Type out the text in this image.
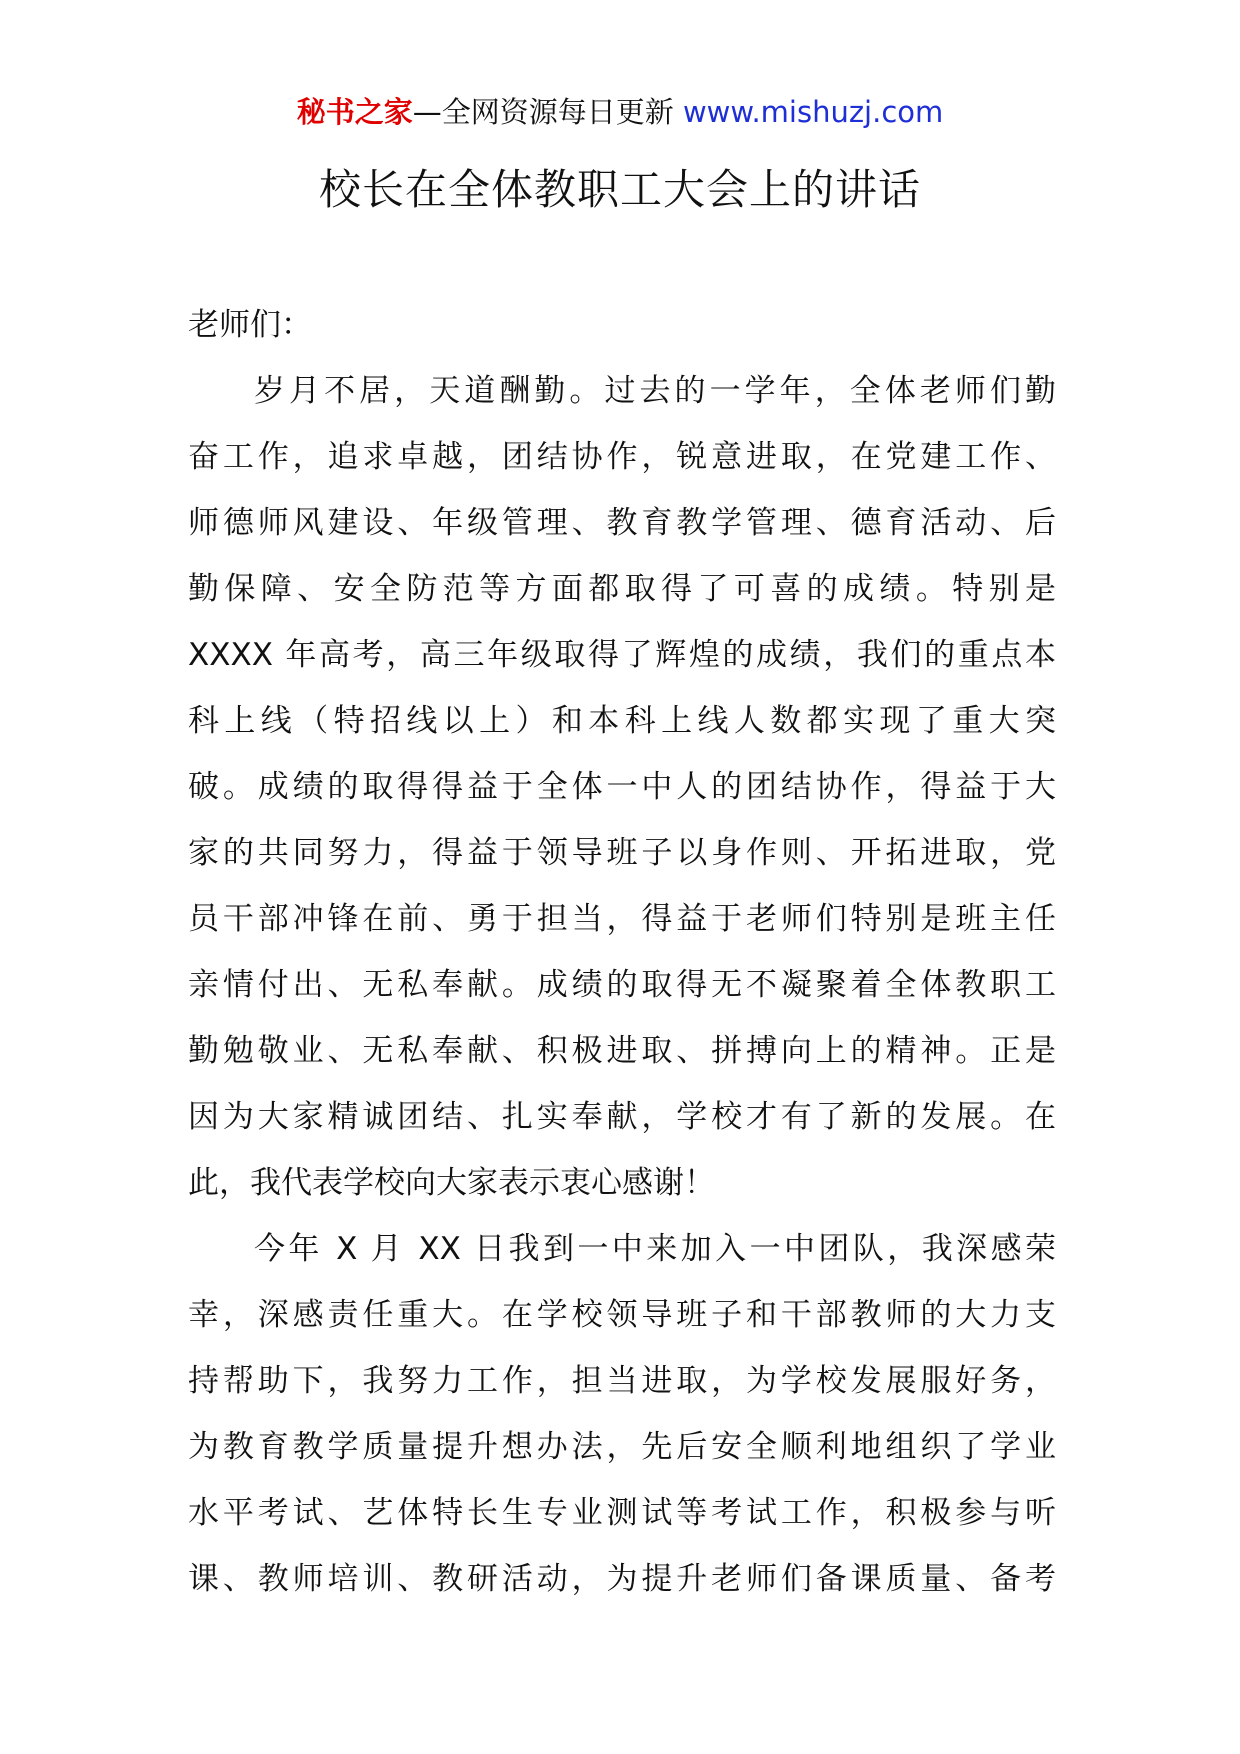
秘书之家—全网资源每日更新 www.mishuzj.com
校长在全体教职工大会上的讲话
老师们：
岁月不居，天道酬勤。过去的一学年，全体老师们勤
奋工作，追求卓越，团结协作，锐意进取，在党建工作、
师德师风建设、年级管理、教育教学管理、德育活动、后
勤保障、安全防范等方面都取得了可喜的成绩。特别是
XXXX 年高考，高三年级取得了辉煌的成绩，我们的重点本
科上线（特招线以上）和本科上线人数都实现了重大突
破。成绩的取得得益于全体一中人的团结协作，得益于大
家的共同努力，得益于领导班子以身作则、开拓进取，党
员干部冲锋在前、勇于担当，得益于老师们特别是班主任
亲情付出、无私奉献。成绩的取得无不凝聚着全体教职工
勤勉敬业、无私奉献、积极进取、拼搏向上的精神。正是
因为大家精诚团结、扎实奉献，学校才有了新的发展。在
此，我代表学校向大家表示衷心感谢！
今年 X 月 XX 日我到一中来加入一中团队，我深感荣
幸，深感责任重大。在学校领导班子和干部教师的大力支
持帮助下，我努力工作，担当进取，为学校发展服好务，
为教育教学质量提升想办法，先后安全顺利地组织了学业
水平考试、艺体特长生专业测试等考试工作，积极参与听
课、教师培训、教研活动，为提升老师们备课质量、备考
